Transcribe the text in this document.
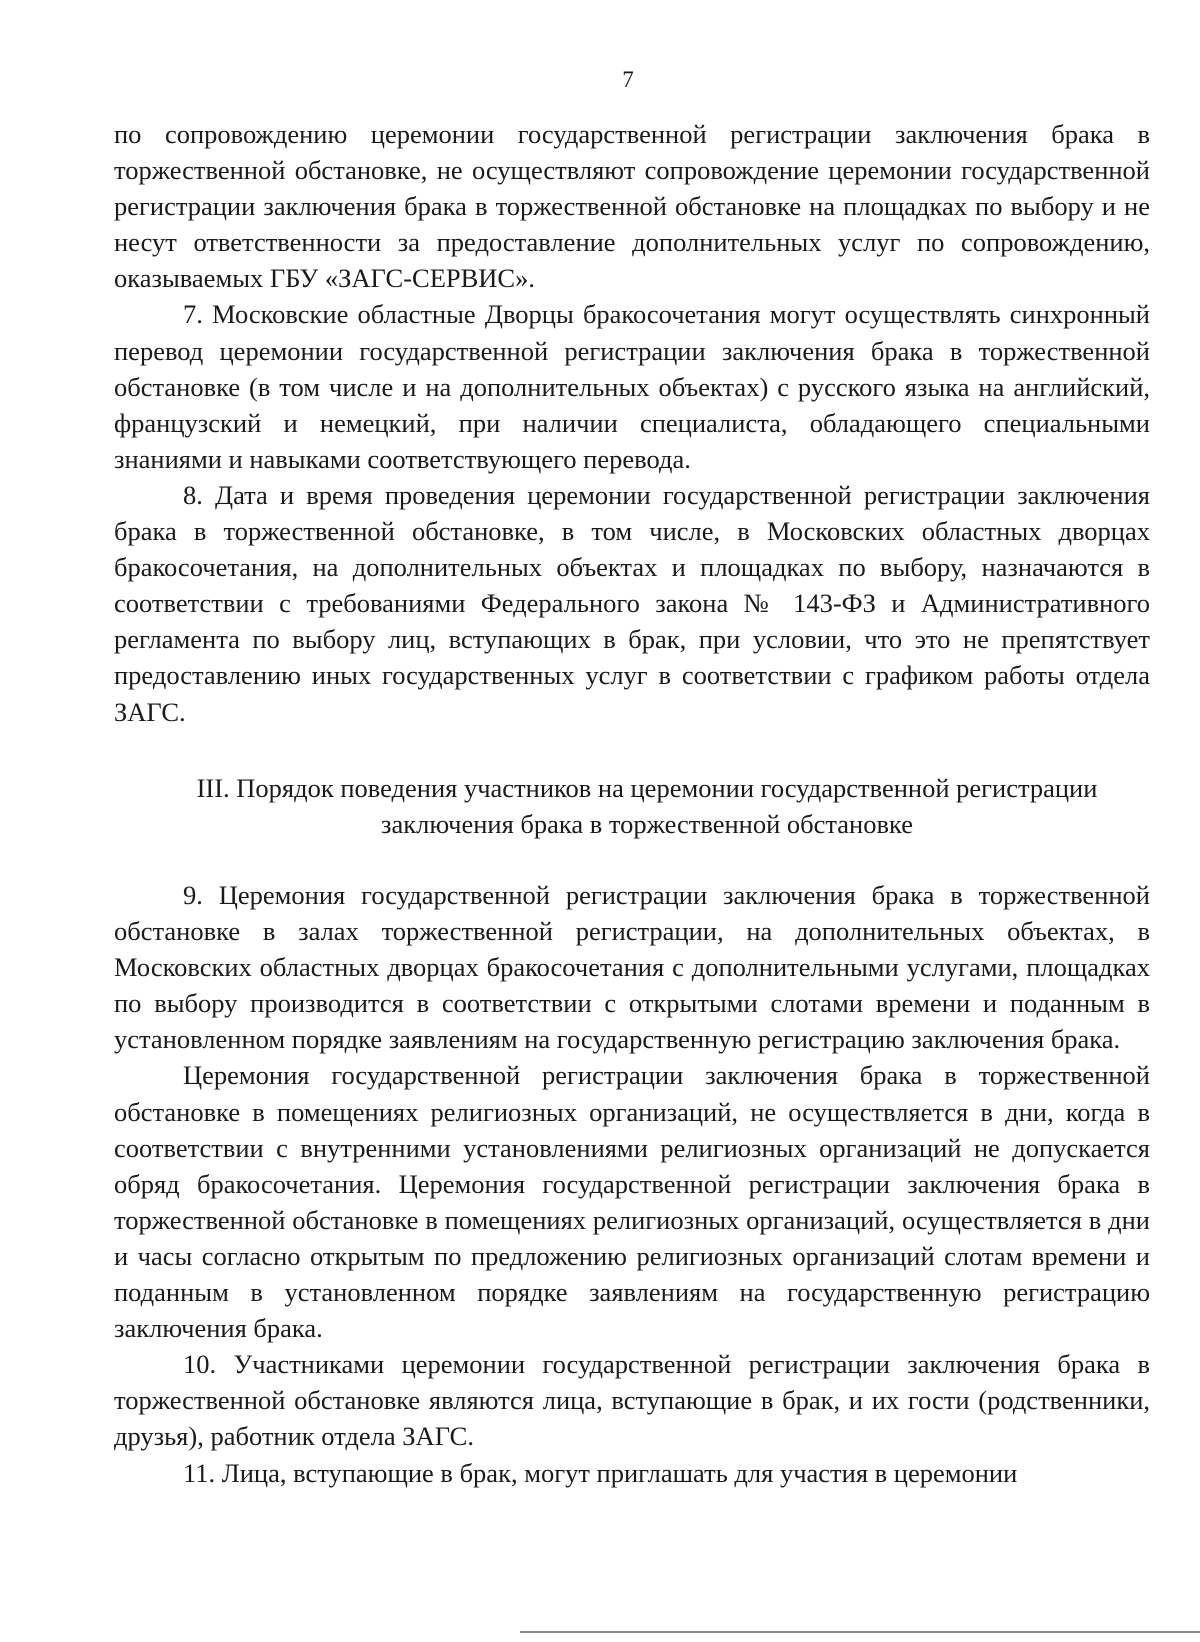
7

по сопровождению церемонии государственной регистрации заключения брака в торжественной обстановке, не осуществляют сопровождение церемонии государственной регистрации заключения брака в торжественной обстановке на площадках по выбору и не несут ответственности за предоставление дополнительных услуг по сопровождению, оказываемых ГБУ «ЗАГС-СЕРВИС».

7. Московские областные Дворцы бракосочетания могут осуществлять синхронный перевод церемонии государственной регистрации заключения брака в торжественной обстановке (в том числе и на дополнительных объектах) с русского языка на английский, французский и немецкий, при наличии специалиста, обладающего специальными знаниями и навыками соответствующего перевода.

8. Дата и время проведения церемонии государственной регистрации заключения брака в торжественной обстановке, в том числе, в Московских областных дворцах бракосочетания, на дополнительных объектах и площадках по выбору, назначаются в соответствии с требованиями Федерального закона № 143-ФЗ и Административного регламента по выбору лиц, вступающих в брак, при условии, что это не препятствует предоставлению иных государственных услуг в соответствии с графиком работы отдела ЗАГС.

III. Порядок поведения участников на церемонии государственной регистрации

заключения брака в торжественной обстановке

9. Церемония государственной регистрации заключения брака в торжественной обстановке в залах торжественной регистрации, на дополнительных объектах, в Московских областных дворцах бракосочетания с дополнительными услугами, площадках по выбору производится в соответствии с открытыми слотами времени и поданным в установленном порядке заявлениям на государственную регистрацию заключения брака.

Церемония государственной регистрации заключения брака в торжественной обстановке в помещениях религиозных организаций, не осуществляется в дни, когда в соответствии с внутренними установлениями религиозных организаций не допускается обряд бракосочетания. Церемония государственной регистрации заключения брака в торжественной обстановке в помещениях религиозных организаций, осуществляется в дни и часы согласно открытым по предложению религиозных организаций слотам времени и поданным в установленном порядке заявлениям на государственную регистрацию заключения брака.

10. Участниками церемонии государственной регистрации заключения брака в торжественной обстановке являются лица, вступающие в брак, и их гости (родственники, друзья), работник отдела ЗАГС.

11. Лица, вступающие в брак, могут приглашать для участия в церемонии
